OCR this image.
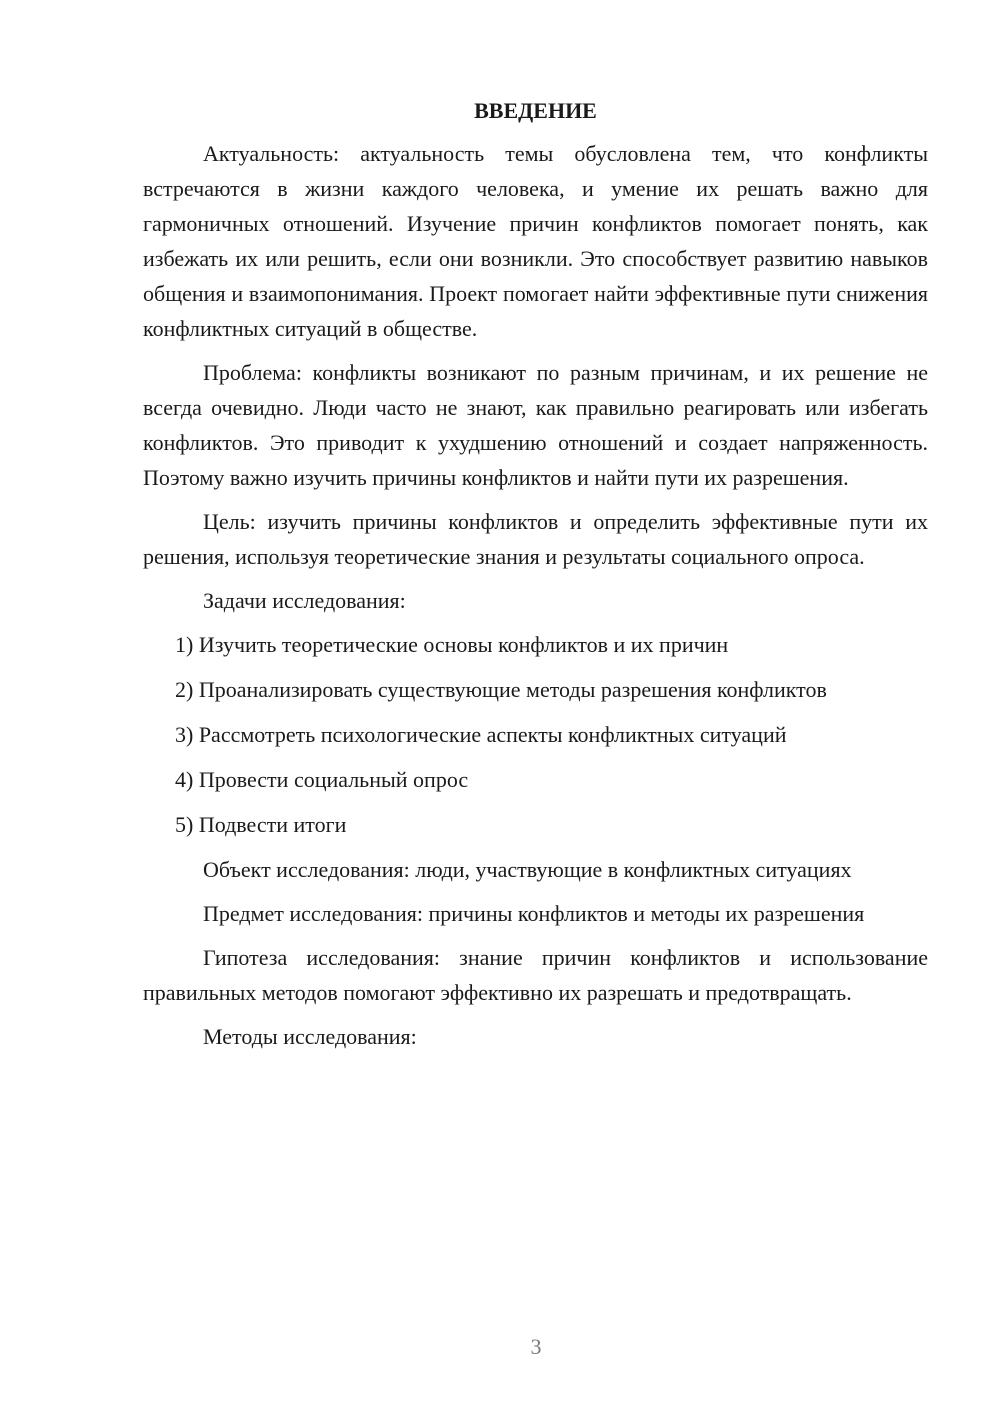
ВВЕДЕНИЕ

Актуальность: актуальность темы обусловлена тем, что конфликты встречаются в жизни каждого человека, и умение их решать важно для гармоничных отношений. Изучение причин конфликтов помогает понять, как избежать их или решить, если они возникли. Это способствует развитию навыков общения и взаимопонимания. Проект помогает найти эффективные пути снижения конфликтных ситуаций в обществе.

Проблема: конфликты возникают по разным причинам, и их решение не всегда очевидно. Люди часто не знают, как правильно реагировать или избегать конфликтов. Это приводит к ухудшению отношений и создает напряженность. Поэтому важно изучить причины конфликтов и найти пути их разрешения.

Цель: изучить причины конфликтов и определить эффективные пути их решения, используя теоретические знания и результаты социального опроса.

Задачи исследования:

1) Изучить теоретические основы конфликтов и их причин
2) Проанализировать существующие методы разрешения конфликтов
3) Рассмотреть психологические аспекты конфликтных ситуаций
4) Провести социальный опрос
5) Подвести итоги

Объект исследования: люди, участвующие в конфликтных ситуациях

Предмет исследования: причины конфликтов и методы их разрешения

Гипотеза исследования: знание причин конфликтов и использование правильных методов помогают эффективно их разрешать и предотвращать.

Методы исследования:

3
